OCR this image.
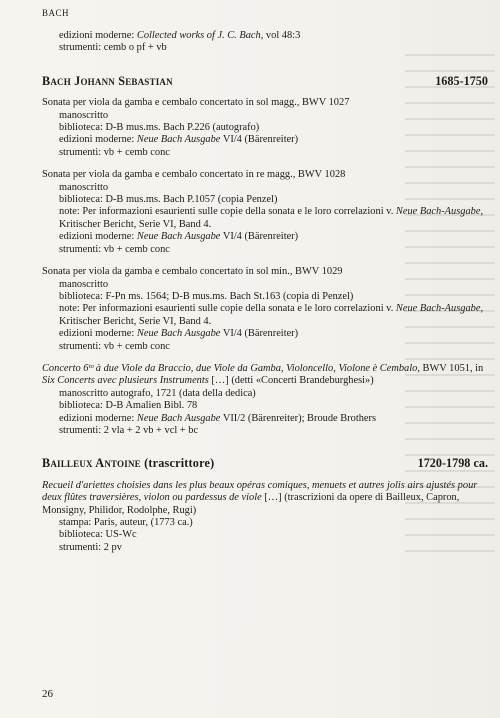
BACH
edizioni moderne: Collected works of J. C. Bach, vol 48:3
strumenti: cemb o pf + vb
Bach Johann Sebastian	1685-1750
Sonata per viola da gamba e cembalo concertato in sol magg., BWV 1027
manoscritto
biblioteca: D-B mus.ms. Bach P.226 (autografo)
edizioni moderne: Neue Bach Ausgabe VI/4 (Bärenreiter)
strumenti: vb + cemb conc
Sonata per viola da gamba e cembalo concertato in re magg., BWV 1028
manoscritto
biblioteca: D-B mus.ms. Bach P.1057 (copia Penzel)
note: Per informazioni esaurienti sulle copie della sonata e le loro correlazioni v. Neue Bach-Ausgabe, Kritischer Bericht, Serie VI, Band 4.
edizioni moderne: Neue Bach Ausgabe VI/4 (Bärenreiter)
strumenti: vb + cemb conc
Sonata per viola da gamba e cembalo concertato in sol min., BWV 1029
manoscritto
biblioteca: F-Pn ms. 1564; D-B mus.ms. Bach St.163 (copia di Penzel)
note: Per informazioni esaurienti sulle copie della sonata e le loro correlazioni v. Neue Bach-Ausgabe, Kritischer Bericht, Serie VI, Band 4.
edizioni moderne: Neue Bach Ausgabe VI/4 (Bärenreiter)
strumenti: vb + cemb conc
Concerto 6ᵗᵒ à due Viole da Braccio, due Viole da Gamba, Violoncello, Violone è Cembalo, BWV 1051, in Six Concerts avec plusieurs Instruments […] (detti «Concerti Brandeburghesi»)
manoscritto autografo, 1721 (data della dedica)
biblioteca: D-B Amalien Bibl. 78
edizioni moderne: Neue Bach Ausgabe VII/2 (Bärenreiter); Broude Brothers
strumenti: 2 vla + 2 vb + vcl + bc
Bailleux Antoine (trascrittore)	1720-1798 ca.
Recueil d'ariettes choisies dans les plus beaux opéras comiques, menuets et autres jolis airs ajustés pour deux flûtes traversières, violon ou pardessus de viole […] (trascrizioni da opere di Bailleux, Capron, Monsigny, Philidor, Rodolphe, Rugi)
stampa: Paris, auteur, (1773 ca.)
biblioteca: US-Wc
strumenti: 2 pv
26
